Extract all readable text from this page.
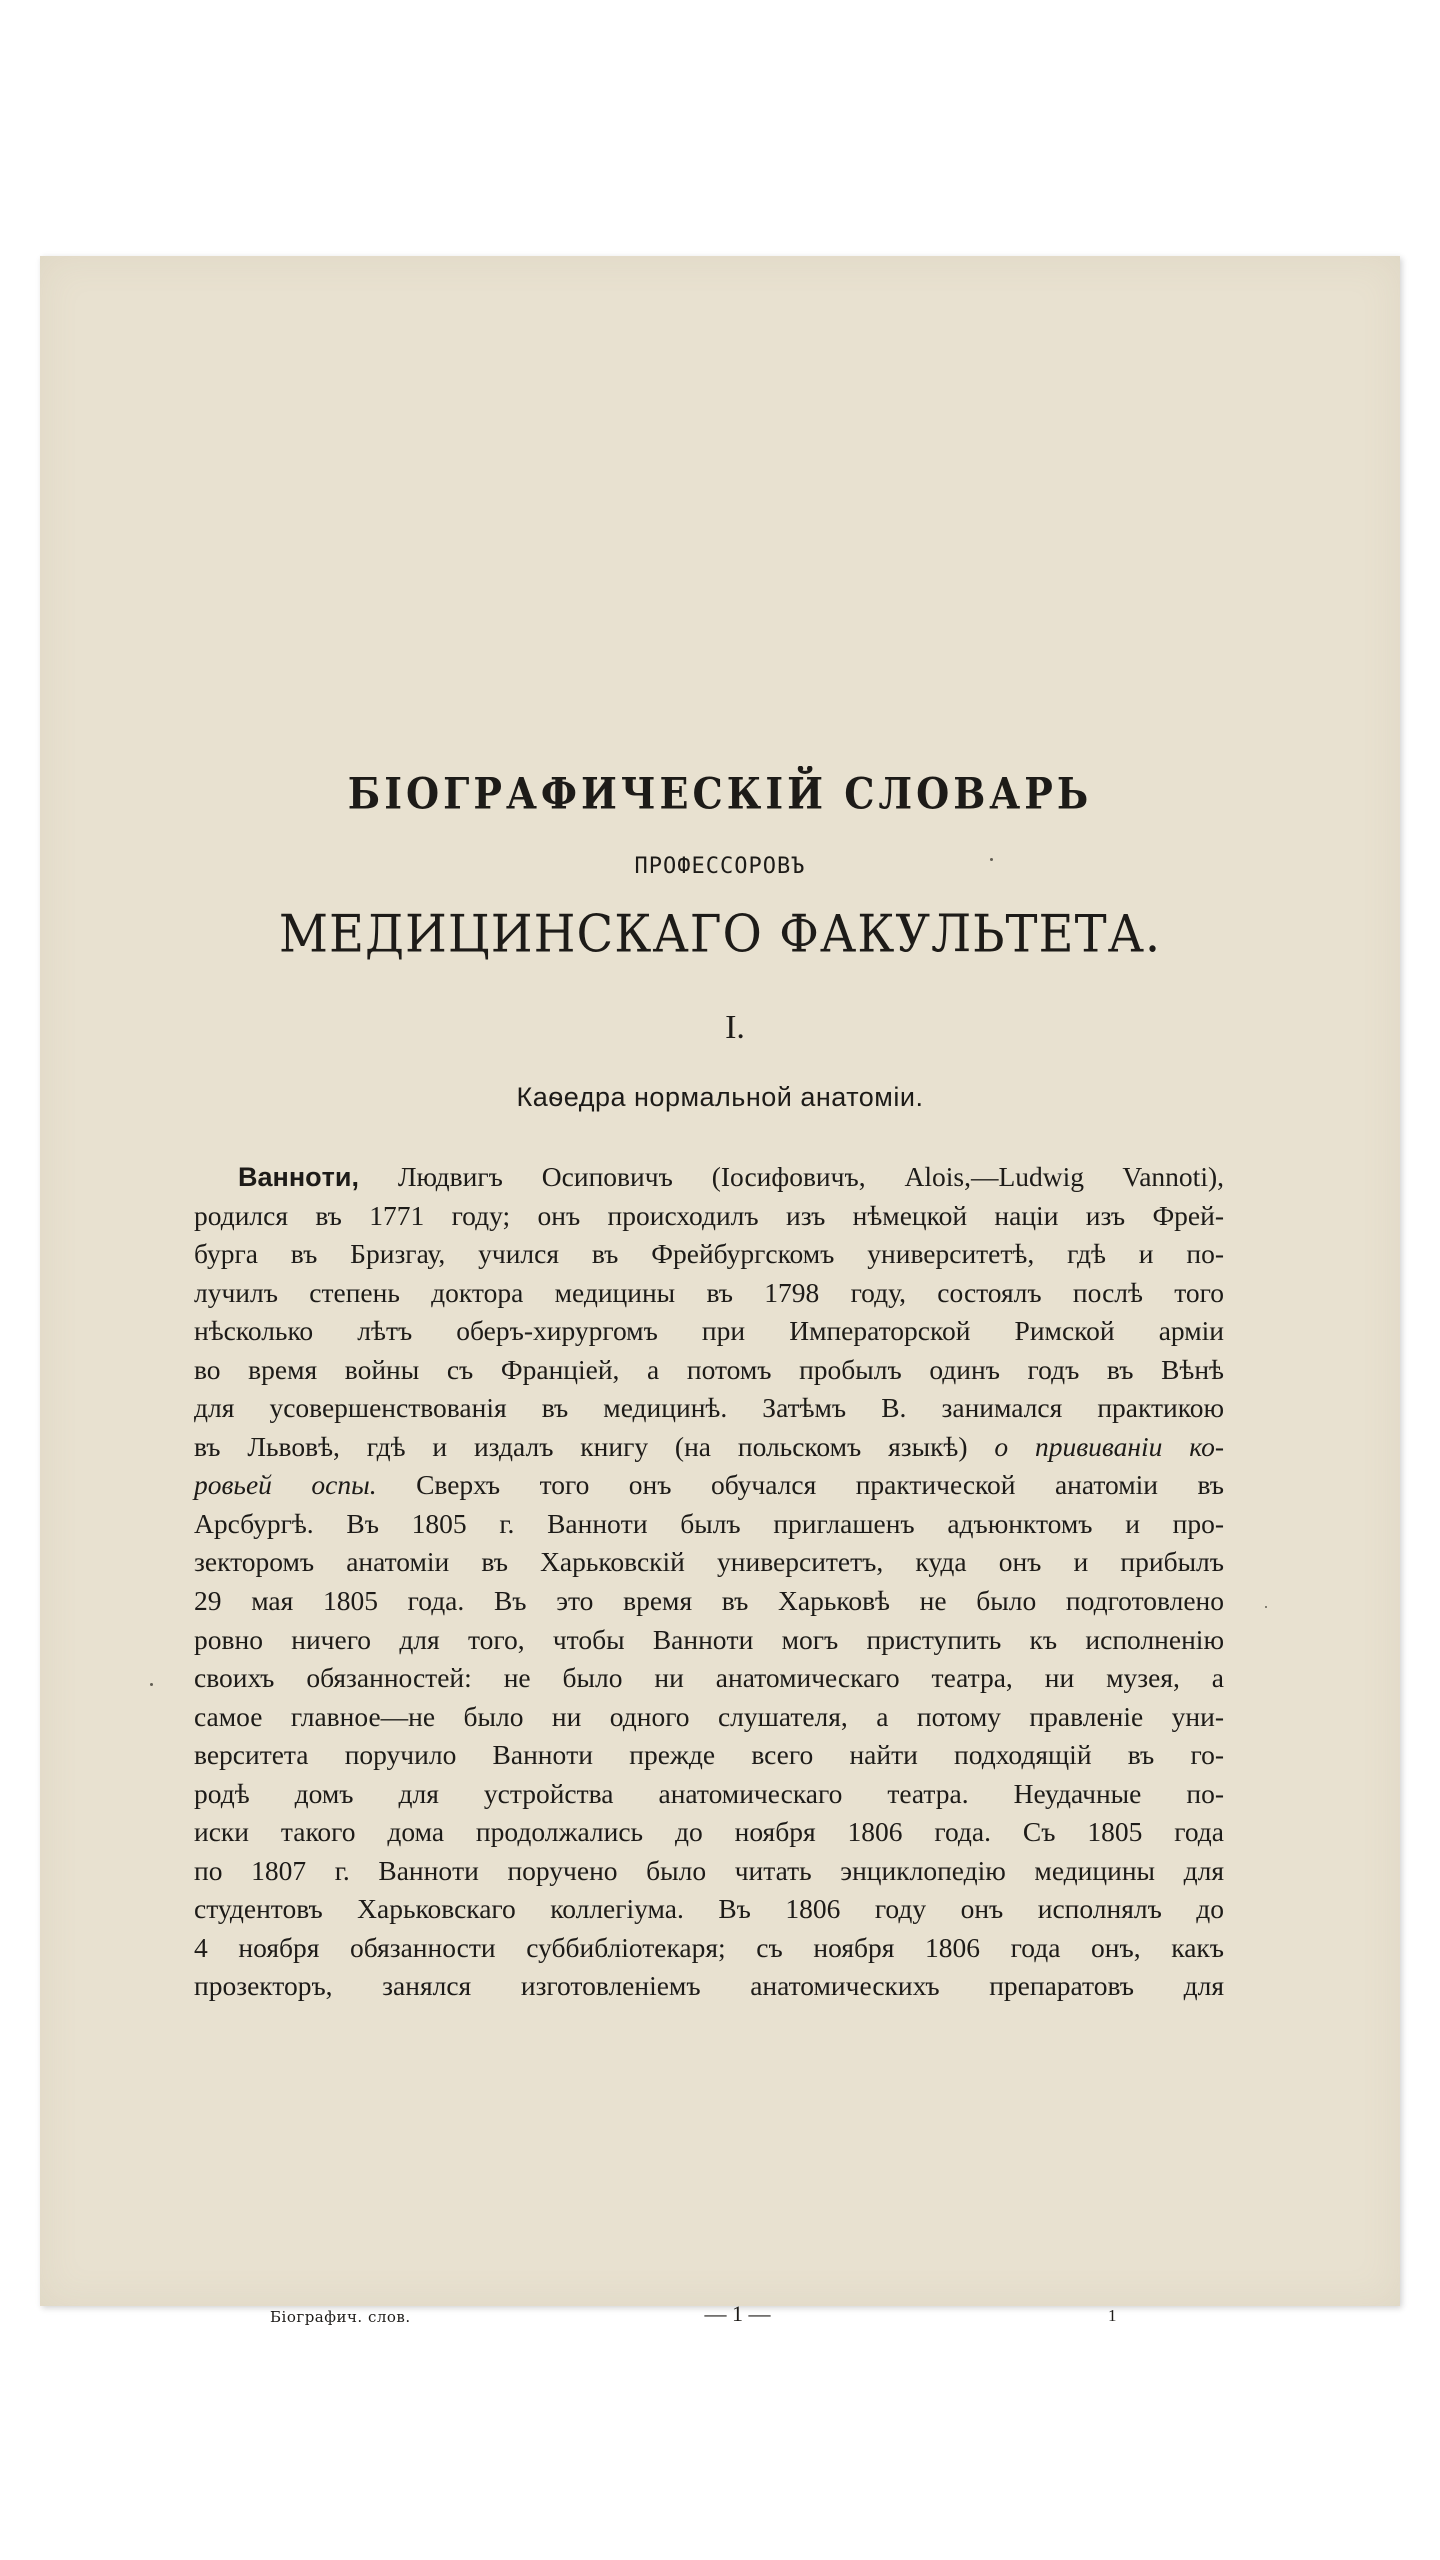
БІОГРАФИЧЕСКІЙ СЛОВАРЬ
ПРОФЕССОРОВЪ
МЕДИЦИНСКАГО ФАКУЛЬТЕТА.
I.
Каѳедра нормальной анатоміи.
Ваннoти, Людвигъ Осиповичъ (Іосифовичъ, Alois,—Ludwig Vannoti),
родился въ 1771 году; онъ происходилъ изъ нѣмецкой націи изъ Фрей-
бурга въ Бризгау, учился въ Фрейбургскомъ университетѣ, гдѣ и по-
лучилъ степень доктора медицины въ 1798 году, состоялъ послѣ того
нѣсколько лѣтъ оберъ-хирургомъ при Императорской Римской арміи
во время войны съ Франціей, а потомъ пробылъ одинъ годъ въ Вѣнѣ
для усовершенствованія въ медицинѣ. Затѣмъ В. занимался практикою
въ Львовѣ, гдѣ и издалъ книгу (на польскомъ языкѣ) о прививаніи ко-
ровьей оспы. Сверхъ того онъ обучался практической анатоміи въ
Арсбургѣ. Въ 1805 г. Ваннoти былъ приглашенъ адъюнктомъ и про-
зекторомъ анатоміи въ Харьковскій университетъ, куда онъ и прибылъ
29 мая 1805 года. Въ это время въ Харьковѣ не было подготовлено
ровно ничего для того, чтобы Ваннoти могъ приступить къ исполненію
своихъ обязанностей: не было ни анатомическаго театра, ни музея, а
самое главное—не было ни одного слушателя, а потому правленіе уни-
верситета поручило Ваннoти прежде всего найти подходящій въ го-
родѣ домъ для устройства анатомическаго театра. Неудачные по-
иски такого дома продолжались до ноября 1806 года. Съ 1805 года
по 1807 г. Ваннoти поручено было читать энциклопедію медицины для
студентовъ Харьковскаго коллегіума. Въ 1806 году онъ исполнялъ до
4 ноября обязанности суббибліотекаря; съ ноября 1806 года онъ, какъ
прозекторъ, занялся изготовленіемъ анатомическихъ препаратовъ для
Біографич. слов.	— 1 —	1
